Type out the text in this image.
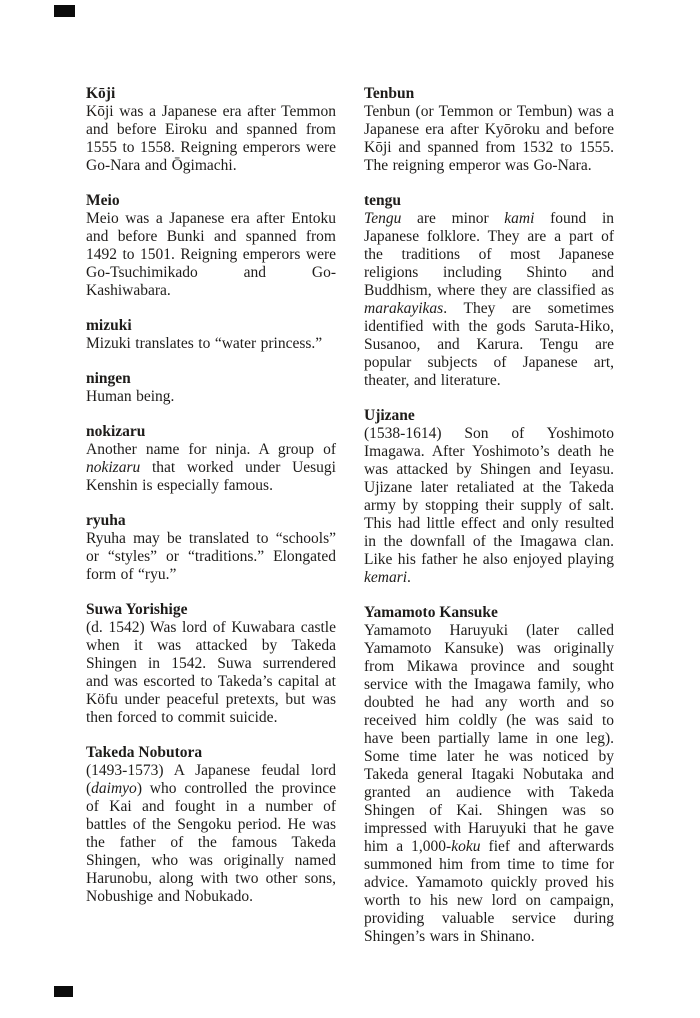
Kōji

Kōji was a Japanese era after Temmon and before Eiroku and spanned from 1555 to 1558. Reigning emperors were Go-Nara and Ōgimachi.

Meio

Meio was a Japanese era after Entoku and before Bunki and spanned from 1492 to 1501. Reigning emperors were Go-Tsuchimikado and Go-Kashiwabara.

mizuki

Mizuki translates to “water princess.”

ningen

Human being.

nokizaru

Another name for ninja. A group of nokizaru that worked under Uesugi Kenshin is especially famous.

ryuha

Ryuha may be translated to “schools” or “styles” or “traditions.” Elongated form of “ryu.”

Suwa Yorishige

(d. 1542) Was lord of Kuwabara castle when it was attacked by Takeda Shingen in 1542. Suwa surrendered and was escorted to Takeda’s capital at Köfu under peaceful pretexts, but was then forced to commit suicide.

Takeda Nobutora

(1493-1573) A Japanese feudal lord (daimyo) who controlled the province of Kai and fought in a number of battles of the Sengoku period. He was the father of the famous Takeda Shingen, who was originally named Harunobu, along with two other sons, Nobushige and Nobukado.

Tenbun

Tenbun (or Temmon or Tembun) was a Japanese era after Kyōroku and before Kōji and spanned from 1532 to 1555. The reigning emperor was Go-Nara.

tengu

Tengu are minor kami found in Japanese folklore. They are a part of the traditions of most Japanese religions including Shinto and Buddhism, where they are classified as marakayikas. They are sometimes identified with the gods Saruta-Hiko, Susanoo, and Karura. Tengu are popular subjects of Japanese art, theater, and literature.

Ujizane

(1538-1614) Son of Yoshimoto Imagawa. After Yoshimoto’s death he was attacked by Shingen and Ieyasu. Ujizane later retaliated at the Takeda army by stopping their supply of salt. This had little effect and only resulted in the downfall of the Imagawa clan. Like his father he also enjoyed playing kemari.

Yamamoto Kansuke

Yamamoto Haruyuki (later called Yamamoto Kansuke) was originally from Mikawa province and sought service with the Imagawa family, who doubted he had any worth and so received him coldly (he was said to have been partially lame in one leg). Some time later he was noticed by Takeda general Itagaki Nobutaka and granted an audience with Takeda Shingen of Kai. Shingen was so impressed with Haruyuki that he gave him a 1,000-koku fief and afterwards summoned him from time to time for advice. Yamamoto quickly proved his worth to his new lord on campaign, providing valuable service during Shingen’s wars in Shinano.
